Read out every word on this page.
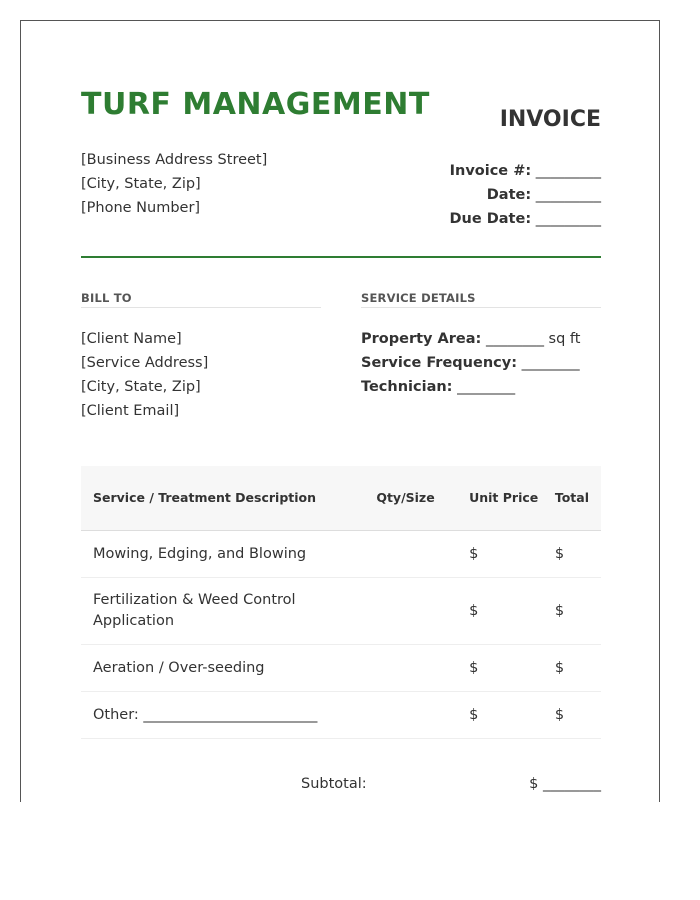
TURF MANAGEMENT
[Business Address Street]
[City, State, Zip]
[Phone Number]
INVOICE
Invoice #: _________
Date: _________
Due Date: _________
BILL TO
[Client Name]
[Service Address]
[City, State, Zip]
[Client Email]
SERVICE DETAILS
Property Area: ________ sq ft
Service Frequency: ________
Technician: ________
Service / Treatment Description	Qty/Size	Unit Price	Total
Mowing, Edging, and Blowing		$	$
Fertilization & Weed Control Application		$	$
Aeration / Over-seeding		$	$
Other: ________________________		$	$
Subtotal:	$ ________
